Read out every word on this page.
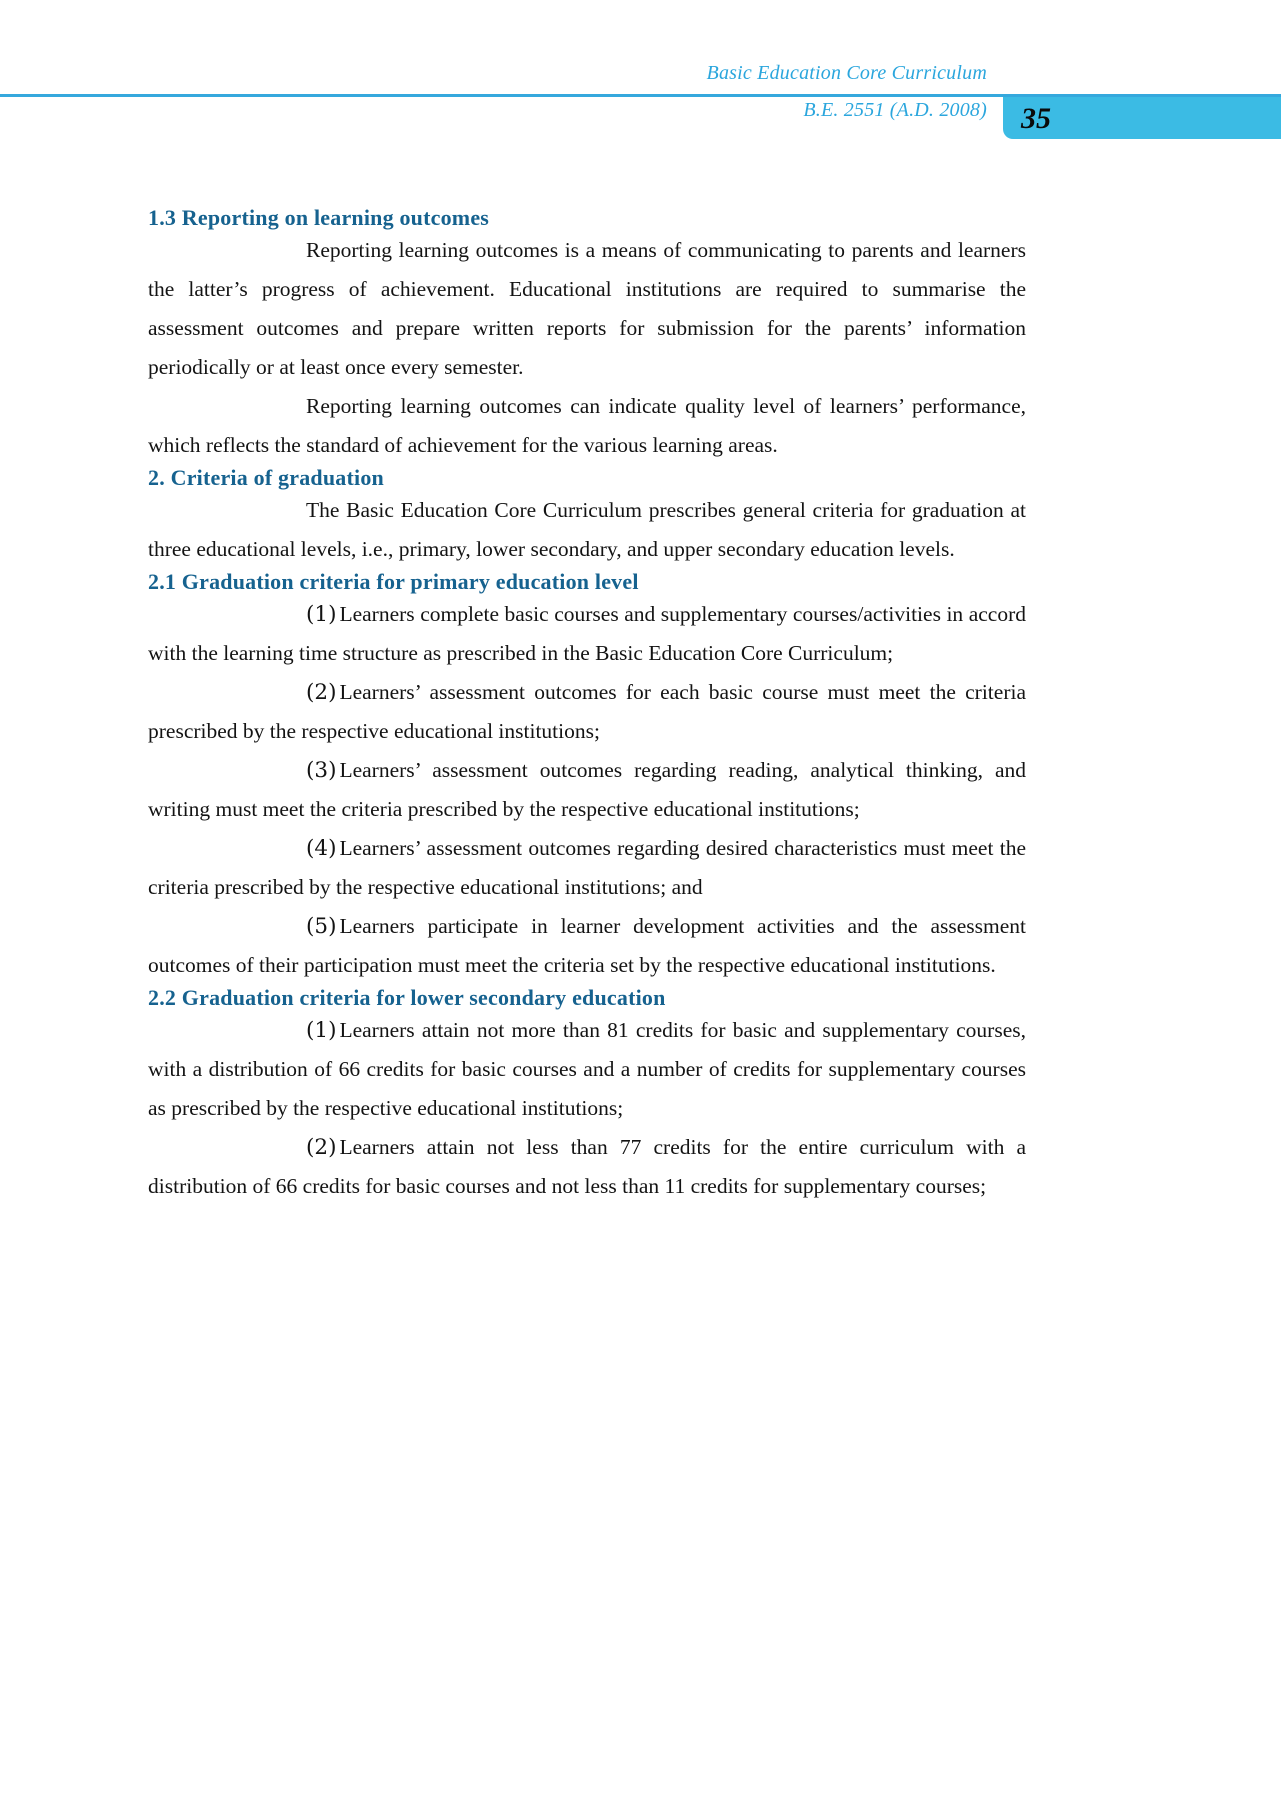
Basic Education Core Curriculum
B.E. 2551 (A.D. 2008) 35
1.3 Reporting on learning outcomes

Reporting learning outcomes is a means of communicating to parents and learners the latter’s progress of achievement. Educational institutions are required to summarise the assessment outcomes and prepare written reports for submission for the parents’ information periodically or at least once every semester.

Reporting learning outcomes can indicate quality level of learners’ performance, which reflects the standard of achievement for the various learning areas.

2. Criteria of graduation

The Basic Education Core Curriculum prescribes general criteria for graduation at three educational levels, i.e., primary, lower secondary, and upper secondary education levels.

2.1 Graduation criteria for primary education level

(1) Learners complete basic courses and supplementary courses/activities in accord with the learning time structure as prescribed in the Basic Education Core Curriculum;

(2) Learners’ assessment outcomes for each basic course must meet the criteria prescribed by the respective educational institutions;

(3) Learners’ assessment outcomes regarding reading, analytical thinking, and writing must meet the criteria prescribed by the respective educational institutions;

(4) Learners’ assessment outcomes regarding desired characteristics must meet the criteria prescribed by the respective educational institutions; and

(5) Learners participate in learner development activities and the assessment outcomes of their participation must meet the criteria set by the respective educational institutions.

2.2 Graduation criteria for lower secondary education

(1) Learners attain not more than 81 credits for basic and supplementary courses, with a distribution of 66 credits for basic courses and a number of credits for supplementary courses as prescribed by the respective educational institutions;

(2) Learners attain not less than 77 credits for the entire curriculum with a distribution of 66 credits for basic courses and not less than 11 credits for supplementary courses;
